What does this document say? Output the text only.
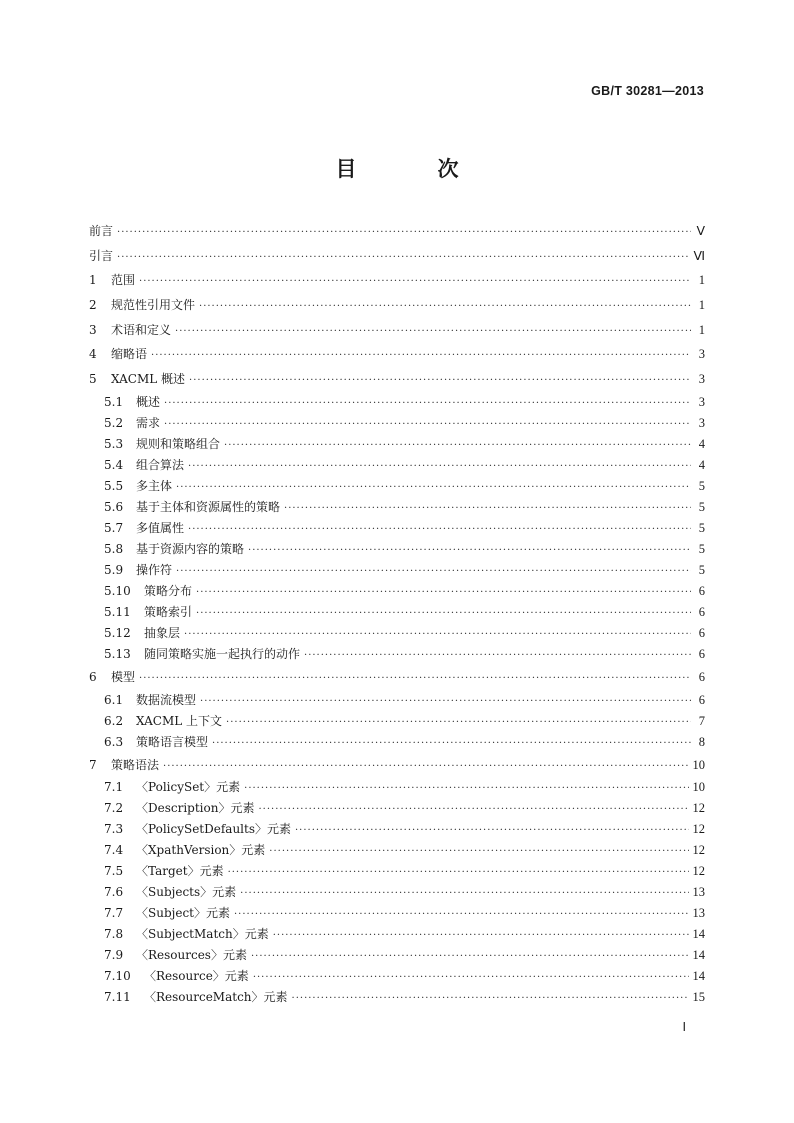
GB/T 30281—2013
目　次
前言 ·····	Ⅴ
引言 ·····	Ⅵ
1	范围 ·····	1
2	规范性引用文件 ·····	1
3	术语和定义 ·····	1
4	缩略语 ·····	3
5	XACML 概述 ·····	3
5.1	概述 ·····	3
5.2	需求 ·····	3
5.3	规则和策略组合 ·····	4
5.4	组合算法 ·····	4
5.5	多主体 ·····	5
5.6	基于主体和资源属性的策略 ·····	5
5.7	多值属性 ·····	5
5.8	基于资源内容的策略 ·····	5
5.9	操作符 ·····	5
5.10	策略分布 ·····	6
5.11	策略索引 ·····	6
5.12	抽象层 ·····	6
5.13	随同策略实施一起执行的动作 ·····	6
6	模型 ·····	6
6.1	数据流模型 ·····	6
6.2	XACML 上下文 ·····	7
6.3	策略语言模型 ·····	8
7	策略语法 ·····	10
7.1	〈PolicySet〉元素 ·····	10
7.2	〈Description〉元素 ·····	12
7.3	〈PolicySetDefaults〉元素 ·····	12
7.4	〈XpathVersion〉元素 ·····	12
7.5	〈Target〉元素 ·····	12
7.6	〈Subjects〉元素 ·····	13
7.7	〈Subject〉元素 ·····	13
7.8	〈SubjectMatch〉元素 ·····	14
7.9	〈Resources〉元素 ·····	14
7.10	〈Resource〉元素 ·····	14
7.11	〈ResourceMatch〉元素 ·····	15
Ⅰ
